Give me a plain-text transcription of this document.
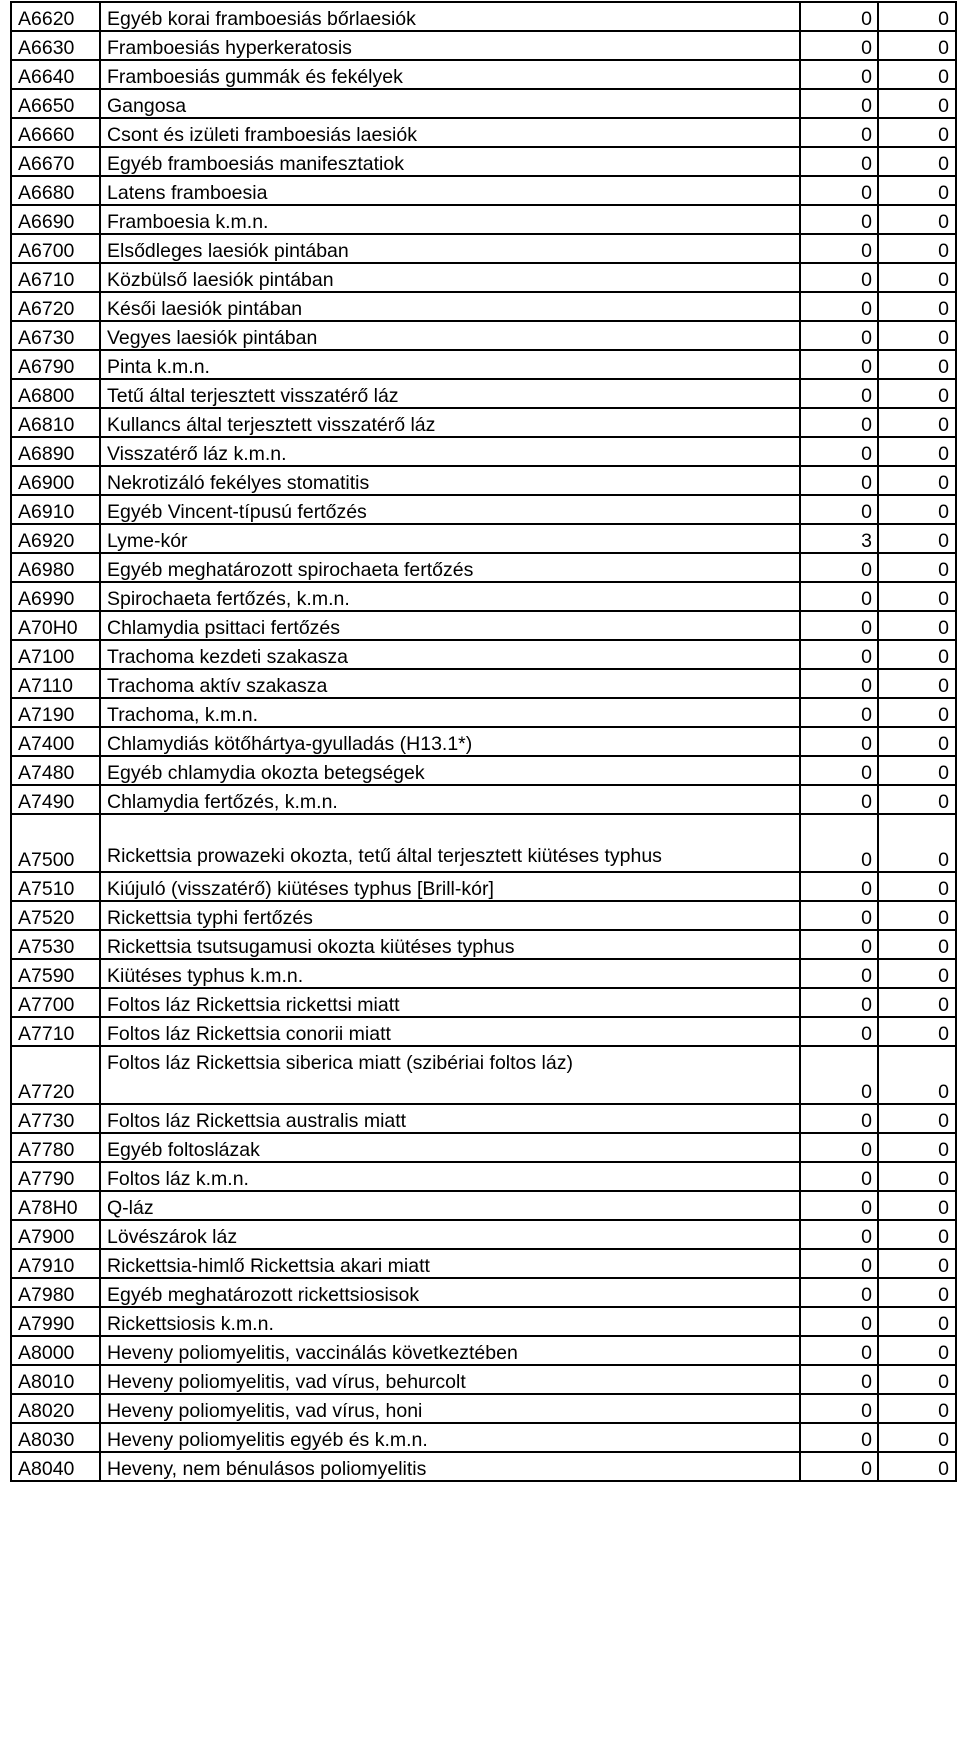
A6620	Egyéb korai framboesiás bőrlaesiók	0	0
A6630	Framboesiás hyperkeratosis	0	0
A6640	Framboesiás gummák és fekélyek	0	0
A6650	Gangosa	0	0
A6660	Csont és izületi framboesiás laesiók	0	0
A6670	Egyéb framboesiás manifesztatiok	0	0
A6680	Latens framboesia	0	0
A6690	Framboesia k.m.n.	0	0
A6700	Elsődleges laesiók pintában	0	0
A6710	Közbülső laesiók pintában	0	0
A6720	Késői laesiók pintában	0	0
A6730	Vegyes laesiók pintában	0	0
A6790	Pinta k.m.n.	0	0
A6800	Tetű által terjesztett visszatérő láz	0	0
A6810	Kullancs által terjesztett visszatérő láz	0	0
A6890	Visszatérő láz k.m.n.	0	0
A6900	Nekrotizáló fekélyes stomatitis	0	0
A6910	Egyéb Vincent-típusú fertőzés	0	0
A6920	Lyme-kór	3	0
A6980	Egyéb meghatározott spirochaeta fertőzés	0	0
A6990	Spirochaeta fertőzés, k.m.n.	0	0
A70H0	Chlamydia psittaci fertőzés	0	0
A7100	Trachoma kezdeti szakasza	0	0
A7110	Trachoma aktív szakasza	0	0
A7190	Trachoma, k.m.n.	0	0
A7400	Chlamydiás kötőhártya-gyulladás (H13.1*)	0	0
A7480	Egyéb chlamydia okozta betegségek	0	0
A7490	Chlamydia fertőzés, k.m.n.	0	0
A7500	Rickettsia prowazeki okozta, tetű által terjesztett kiütéses typhus	0	0
A7510	Kiújuló (visszatérő) kiütéses typhus [Brill-kór]	0	0
A7520	Rickettsia typhi fertőzés	0	0
A7530	Rickettsia tsutsugamusi okozta kiütéses typhus	0	0
A7590	Kiütéses typhus k.m.n.	0	0
A7700	Foltos láz Rickettsia rickettsi miatt	0	0
A7710	Foltos láz Rickettsia conorii miatt	0	0
A7720	Foltos láz Rickettsia siberica miatt (szibériai foltos láz)	0	0
A7730	Foltos láz Rickettsia australis miatt	0	0
A7780	Egyéb foltoslázak	0	0
A7790	Foltos láz k.m.n.	0	0
A78H0	Q-láz	0	0
A7900	Lövészárok láz	0	0
A7910	Rickettsia-himlő Rickettsia akari miatt	0	0
A7980	Egyéb meghatározott rickettsiosisok	0	0
A7990	Rickettsiosis k.m.n.	0	0
A8000	Heveny poliomyelitis, vaccinálás következtében	0	0
A8010	Heveny poliomyelitis, vad vírus, behurcolt	0	0
A8020	Heveny poliomyelitis, vad vírus, honi	0	0
A8030	Heveny poliomyelitis egyéb és k.m.n.	0	0
A8040	Heveny, nem bénulásos poliomyelitis	0	0
